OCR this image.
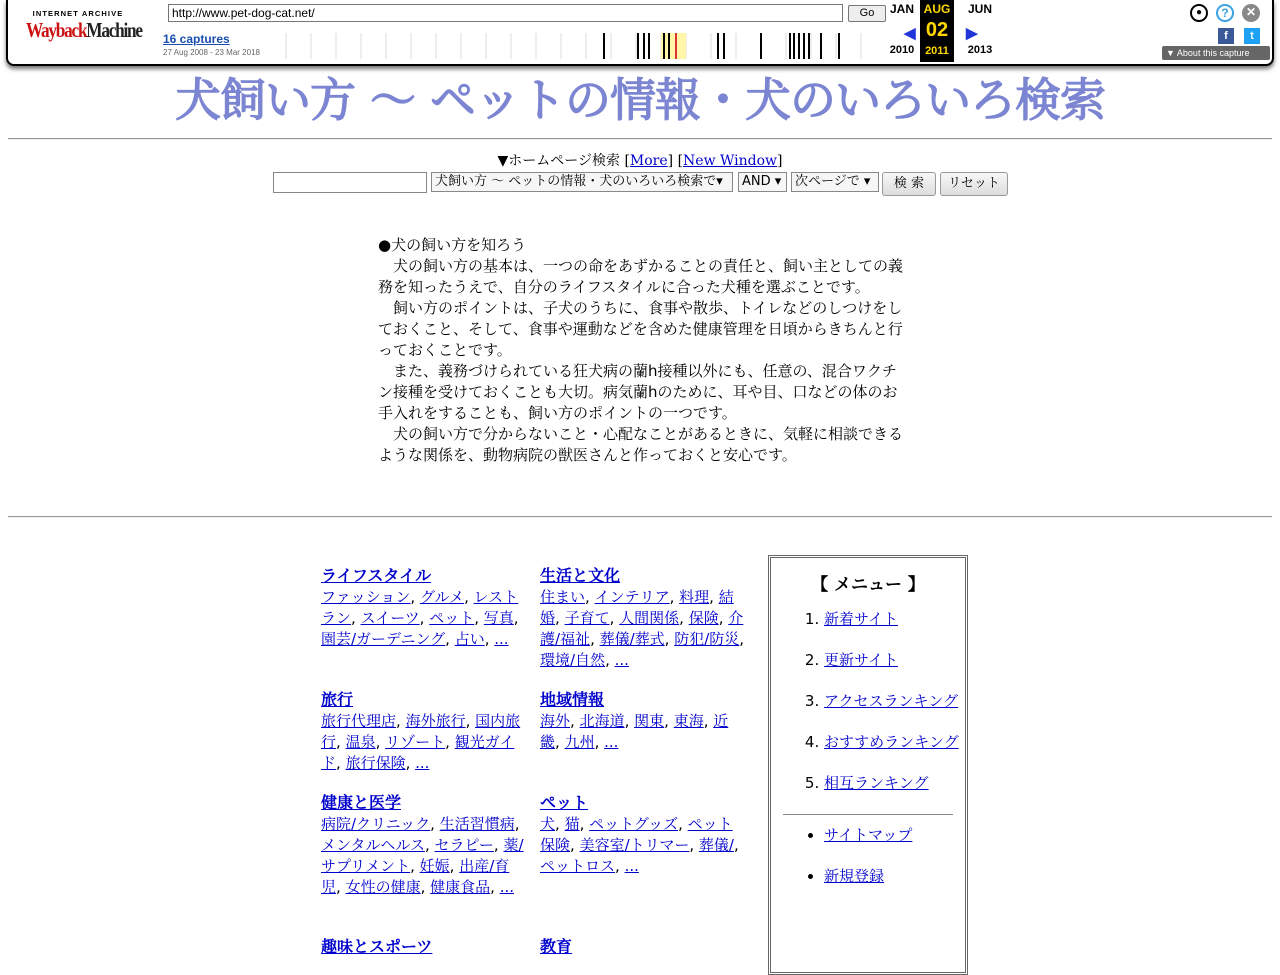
INTERNET ARCHIVE
WaybackMachine
http://www.pet-dog-cat.net/	Go
16 captures
27 Aug 2008 - 23 Mar 2018
JAN
◀
2010
AUG
02
2011
▶
JUN
2013
●	?	✕
f	t
▼ About this capture
犬飼い方 ～ ペットの情報・犬のいろいろ検索
▼ホームページ検索 [More] [New Window]
犬飼い方 ～ ペットの情報・犬のいろいろ検索で▾	AND ▾	次ページで ▾	検 索	リセット

●犬の飼い方を知ろう

　犬の飼い方の基本は、一つの命をあずかることの責任と、飼い主としての義務を知ったうえで、自分のライフスタイルに合った犬種を選ぶことです。

　飼い方のポイントは、子犬のうちに、食事や散歩、トイレなどのしつけをしておくこと、そして、食事や運動などを含めた健康管理を日頃からきちんと行っておくことです。

　また、義務づけられている狂犬病の蘭h接種以外にも、任意の、混合ワクチン接種を受けておくことも大切。病気蘭hのために、耳や目、口などの体のお手入れをすることも、飼い方のポイントの一つです。

　犬の飼い方で分からないこと・心配なことがあるときに、気軽に相談できるような関係を、動物病院の獣医さんと作っておくと安心です。

ライフスタイル
ファッション, グルメ, レストラン, スイーツ, ペット, 写真, 園芸/ガーデニング, 占い, ...
生活と文化
住まい, インテリア, 料理, 結婚, 子育て, 人間関係, 保険, 介護/福祉, 葬儀/葬式, 防犯/防災, 環境/自然, ...
旅行
旅行代理店, 海外旅行, 国内旅行, 温泉, リゾート, 観光ガイド, 旅行保険, ...
地域情報
海外, 北海道, 関東, 東海, 近畿, 九州, ...
健康と医学
病院/クリニック, 生活習慣病, メンタルヘルス, セラピー, 薬/サプリメント, 妊娠, 出産/育児, 女性の健康, 健康食品, ...
ペット
犬, 猫, ペットグッズ, ペット保険, 美容室/トリマー, 葬儀/, ペットロス, ...
趣味とスポーツ	教育
【 メニュー 】
1. 新着サイト
2. 更新サイト
3. アクセスランキング
4. おすすめランキング
5. 相互ランキング
• サイトマップ
• 新規登録
